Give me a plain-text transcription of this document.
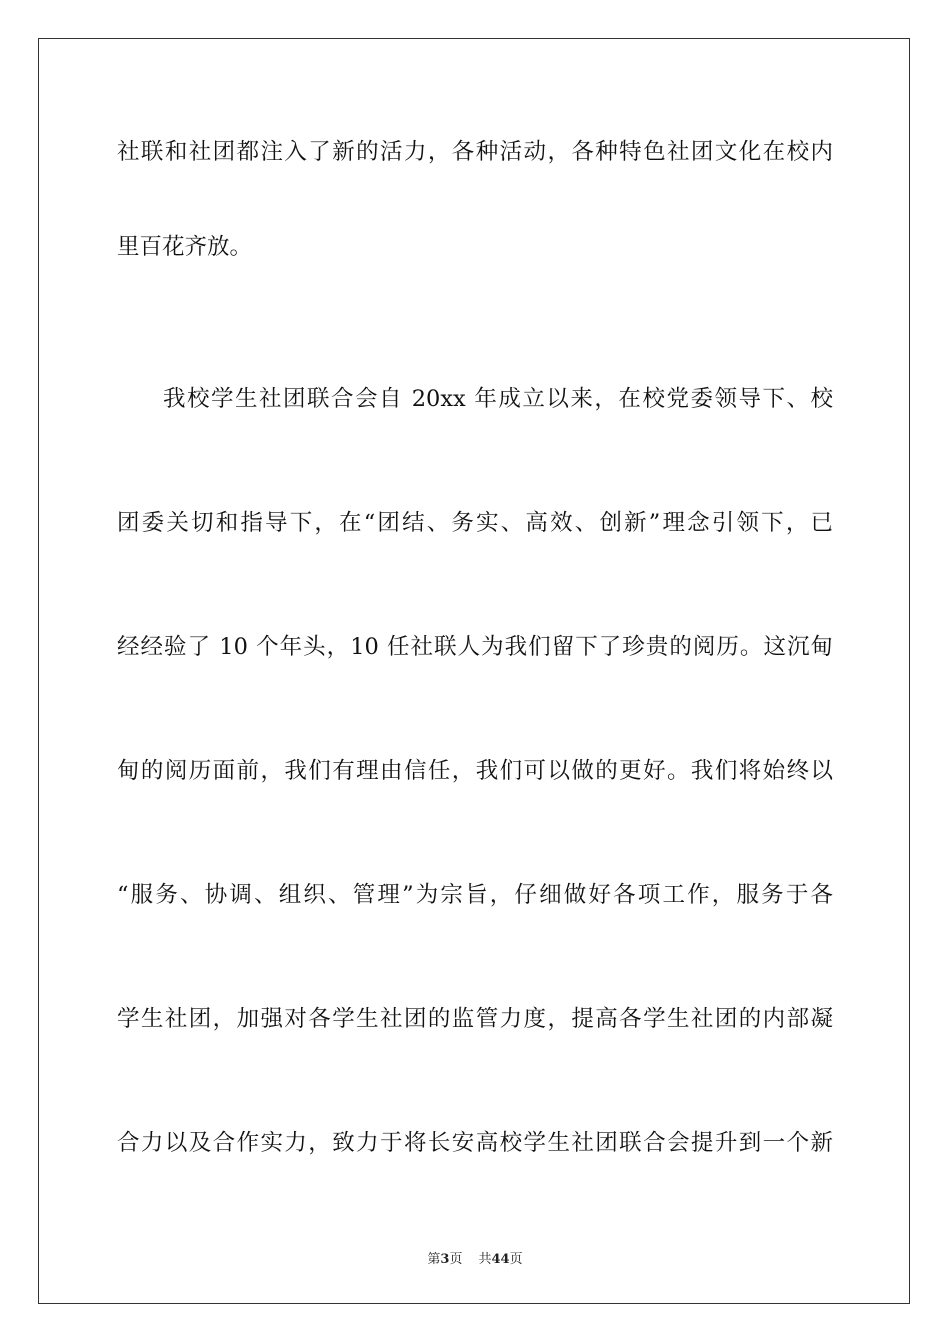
社联和社团都注入了新的活力，各种活动，各种特色社团文化在校内

里百花齐放。

我校学生社团联合会自 20xx 年成立以来，在校党委领导下、校

团委关切和指导下，在“团结、务实、高效、创新”理念引领下，已

经经验了 10 个年头，10 任社联人为我们留下了珍贵的阅历。这沉甸

甸的阅历面前，我们有理由信任，我们可以做的更好。我们将始终以

“服务、协调、组织、管理”为宗旨，仔细做好各项工作，服务于各

学生社团，加强对各学生社团的监管力度，提高各学生社团的内部凝

合力以及合作实力，致力于将长安高校学生社团联合会提升到一个新

第3页 共44页
